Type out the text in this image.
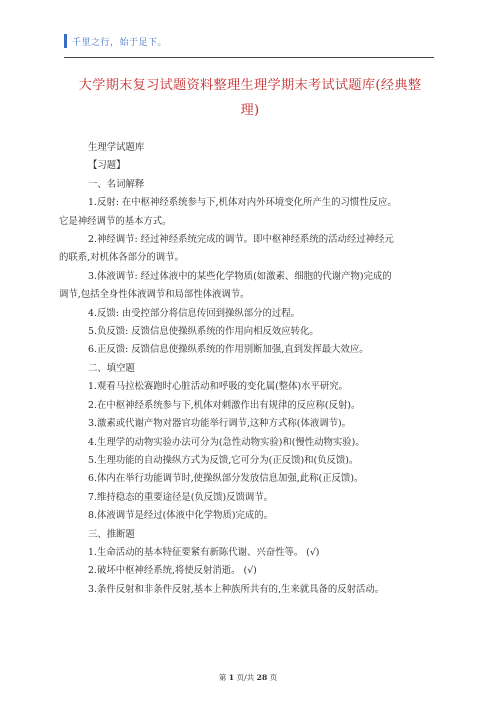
千里之行，始于足下。
大学期末复习试题资料整理生理学期末考试试题库(经典整
理)

生理学试题库

【习题】

一、名词解释

1.反射: 在中枢神经系统参与下,机体对内外环境变化所产生的习惯性反应。

它是神经调节的基本方式。

2.神经调节: 经过神经系统完成的调节。即中枢神经系统的活动经过神经元

的联系,对机体各部分的调节。

3.体液调节: 经过体液中的某些化学物质(如激素、细胞的代谢产物)完成的

调节,包括全身性体液调节和局部性体液调节。

4.反馈: 由受控部分将信息传回到操纵部分的过程。

5.负反馈: 反馈信息使操纵系统的作用向相反效应转化。

6.正反馈: 反馈信息使操纵系统的作用别断加强,直到发挥最大效应。

二、填空题

1.观看马拉松赛跑时心脏活动和呼吸的变化属(整体)水平研究。

2.在中枢神经系统参与下,机体对刺激作出有规律的反应称(反射)。

3.激素或代谢产物对器官功能举行调节,这种方式称(体液调节)。

4.生理学的动物实验办法可分为(急性动物实验)和(慢性动物实验)。

5.生理功能的自动操纵方式为反馈,它可分为(正反馈)和(负反馈)。

6.体内在举行功能调节时,使操纵部分发放信息加强,此称(正反馈)。

7.维持稳态的重要途径是(负反馈)反馈调节。

8.体液调节是经过(体液中化学物质)完成的。

三、推断题

1.生命活动的基本特征要紧有新陈代谢、兴奋性等。 (√)

2.破坏中枢神经系统,将使反射消逝。 (√)

3.条件反射和非条件反射,基本上种族所共有的,生来就具备的反射活动。

第 1 页/共 28 页
